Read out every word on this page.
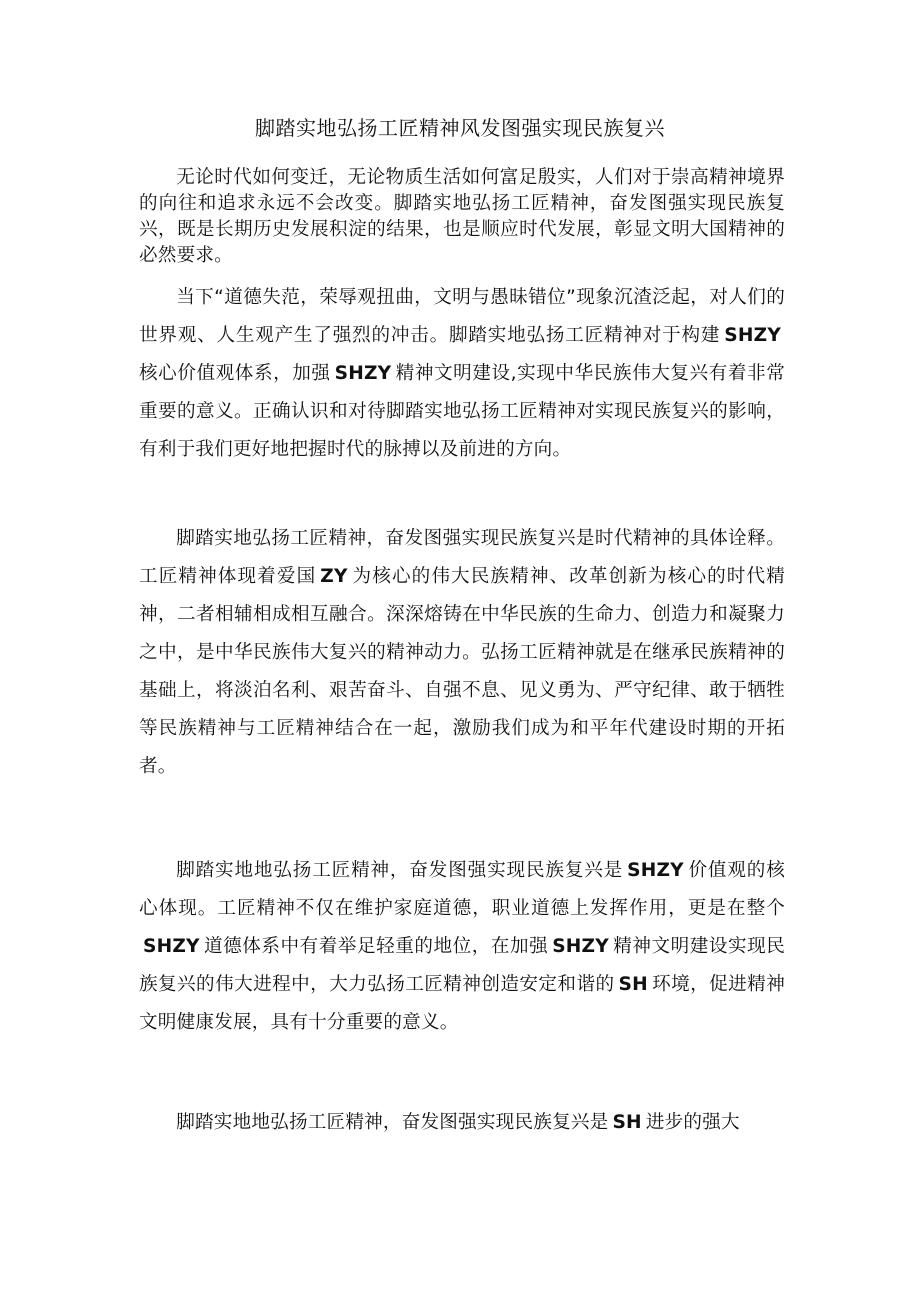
脚踏实地弘扬工匠精神风发图强实现民族复兴

无论时代如何变迁，无论物质生活如何富足殷实，人们对于崇高精神境界的向往和追求永远不会改变。脚踏实地弘扬工匠精神，奋发图强实现民族复兴，既是长期历史发展积淀的结果，也是顺应时代发展，彰显文明大国精神的必然要求。

当下“道德失范，荣辱观扭曲，文明与愚昧错位”现象沉渣泛起，对人们的世界观、人生观产生了强烈的冲击。脚踏实地弘扬工匠精神对于构建 SHZY核心价值观体系，加强 SHZY 精神文明建设,实现中华民族伟大复兴有着非常重要的意义。正确认识和对待脚踏实地弘扬工匠精神对实现民族复兴的影响，有利于我们更好地把握时代的脉搏以及前进的方向。

脚踏实地弘扬工匠精神，奋发图强实现民族复兴是时代精神的具体诠释。工匠精神体现着爱国 ZY 为核心的伟大民族精神、改革创新为核心的时代精神，二者相辅相成相互融合。深深熔铸在中华民族的生命力、创造力和凝聚力之中，是中华民族伟大复兴的精神动力。弘扬工匠精神就是在继承民族精神的基础上，将淡泊名利、艰苦奋斗、自强不息、见义勇为、严守纪律、敢于牺牲等民族精神与工匠精神结合在一起，激励我们成为和平年代建设时期的开拓者。

脚踏实地地弘扬工匠精神，奋发图强实现民族复兴是 SHZY 价值观的核心体现。工匠精神不仅在维护家庭道德，职业道德上发挥作用，更是在整个SHZY 道德体系中有着举足轻重的地位，在加强 SHZY 精神文明建设实现民族复兴的伟大进程中，大力弘扬工匠精神创造安定和谐的 SH 环境，促进精神文明健康发展，具有十分重要的意义。

脚踏实地地弘扬工匠精神，奋发图强实现民族复兴是 SH 进步的强大
